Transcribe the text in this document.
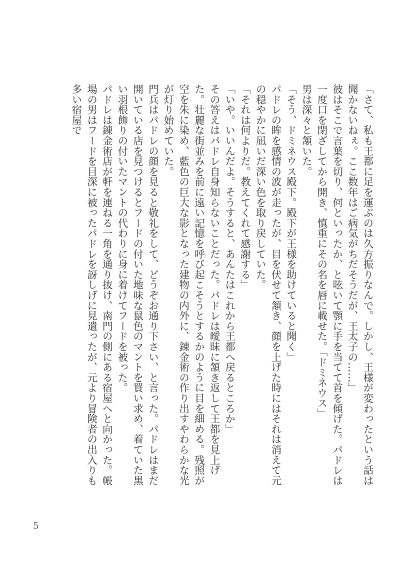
「さて、私も王都に足を運ぶのは久方振りなんで。しかし、王様が変わったという話は聞かないねぇ。ここ数年はご病気がちだそうだが、王太子の……」

彼はそこで言葉を切り、何といったか、と呟いて顎に手を当てて首を傾げた。パドレは一度口を閉ざしてから開き、慎重にその名を唇に載せた。「ドミネウス」

男は深々と頷いた。

「そう、ドミネウス殿下。殿下が王様を助けていると聞く」

パドレの眸を感情の波が走ったが、目を伏せて頷き、顔を上げた時にはそれは消えて元の穏やかに凪いだ深い色を取り戻していた。

「それは何よりだ。教えてくれて感謝する」

「いや。いいんだよ。そうすると、あんたはこれから王都へ戻るところか」

その答えはパドレ自身知らないことだった。パドレは曖昧に頷き返して王都を見上げた。壮麗な街並みを前に遠い記憶を呼び起こそうとするかのように目を細める。残照が空を朱に染め、藍色の巨大な影となった建物の内外に、錬金術の作り出すやわらかな光が灯り始めていた。

門兵はパドレの顔を見ると敬礼をして、どうぞお通り下さい、と言った。パドレはまだ開いている店を見つけるとフードの付いた地味な鼠色のマントを買い求め、着ていた黒い羽根飾りの付いたマントの代わりに身に着けてフードを被った。

パドレは錬金術店が軒を連ねる一角を通り抜け、南門の側にある宿屋へと向かった。帳場の男はフードを目深に被ったパドレを訝しげに見遣ったが、元より冒険者の出入りも多い宿屋で

5
